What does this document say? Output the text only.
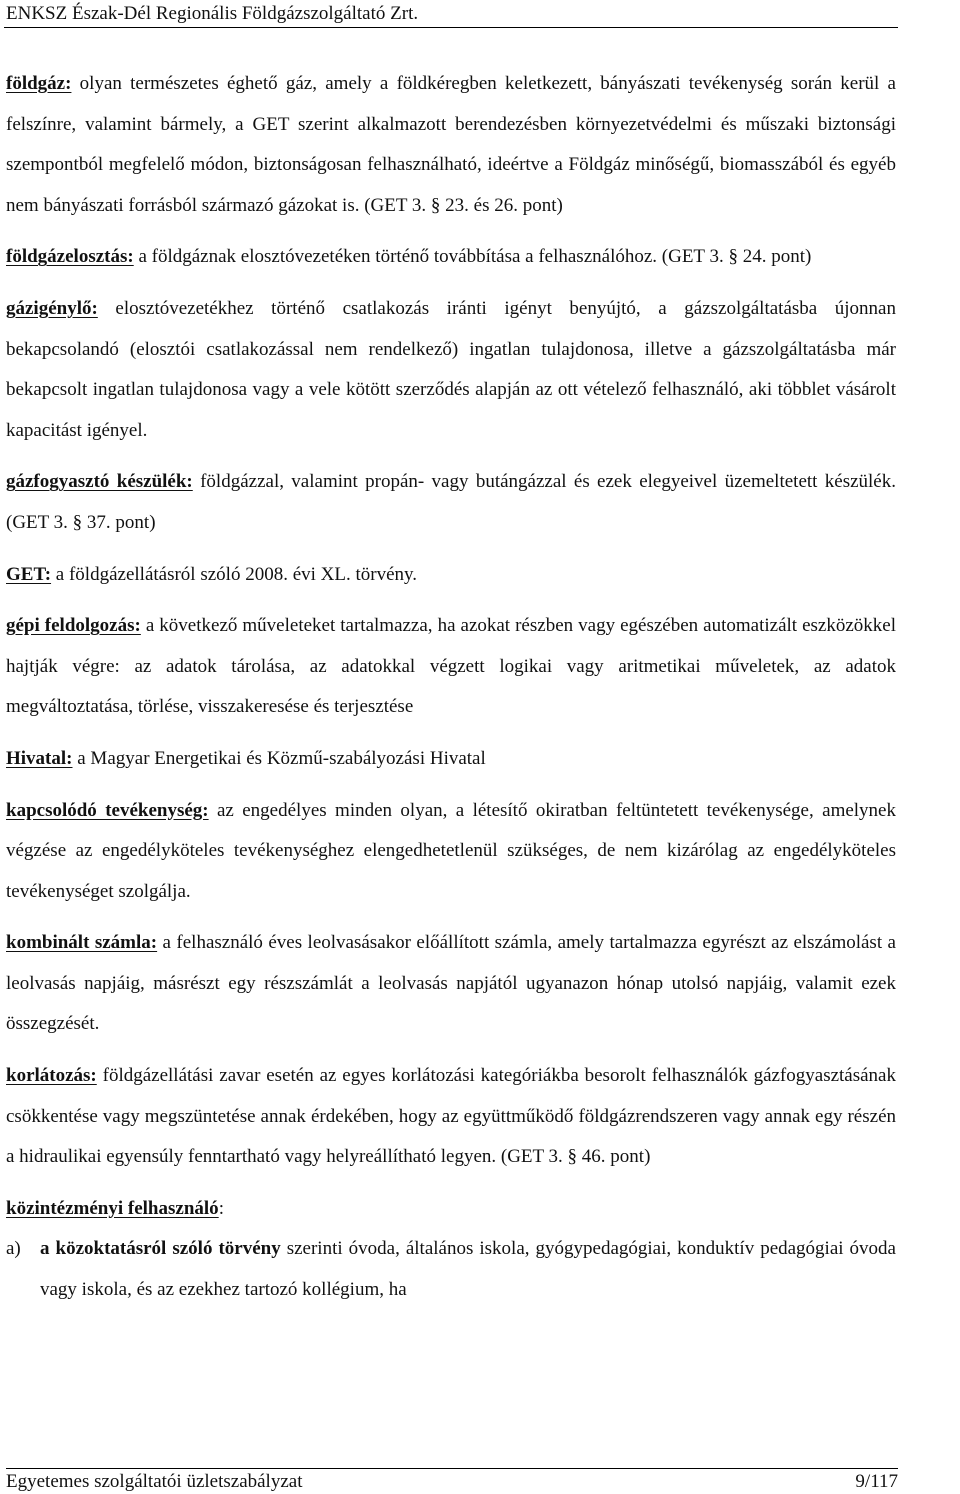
ENKSZ Észak-Dél Regionális Földgázszolgáltató Zrt.

földgáz: olyan természetes éghető gáz, amely a földkéregben keletkezett, bányászati tevékenység során kerül a felszínre, valamint bármely, a GET szerint alkalmazott berendezésben környezetvédelmi és műszaki biztonsági szempontból megfelelő módon, biztonságosan felhasználható, ideértve a Földgáz minőségű, biomasszából és egyéb nem bányászati forrásból származó gázokat is. (GET 3. § 23. és 26. pont)

földgázelosztás: a földgáznak elosztóvezetéken történő továbbítása a felhasználóhoz. (GET 3. § 24. pont)

gázigénylő: elosztóvezetékhez történő csatlakozás iránti igényt benyújtó, a gázszolgáltatásba újonnan bekapcsolandó (elosztói csatlakozással nem rendelkező) ingatlan tulajdonosa, illetve a gázszolgáltatásba már bekapcsolt ingatlan tulajdonosa vagy a vele kötött szerződés alapján az ott vételező felhasználó, aki többlet vásárolt kapacitást igényel.

gázfogyasztó készülék: földgázzal, valamint propán- vagy butángázzal és ezek elegyeivel üzemeltetett készülék. (GET 3. § 37. pont)

GET: a földgázellátásról szóló 2008. évi XL. törvény.

gépi feldolgozás: a következő műveleteket tartalmazza, ha azokat részben vagy egészében automatizált eszközökkel hajtják végre: az adatok tárolása, az adatokkal végzett logikai vagy aritmetikai műveletek, az adatok megváltoztatása, törlése, visszakeresése és terjesztése

Hivatal: a Magyar Energetikai és Közmű-szabályozási Hivatal

kapcsolódó tevékenység: az engedélyes minden olyan, a létesítő okiratban feltüntetett tevékenysége, amelynek végzése az engedélyköteles tevékenységhez elengedhetetlenül szükséges, de nem kizárólag az engedélyköteles tevékenységet szolgálja.

kombinált számla: a felhasználó éves leolvasásakor előállított számla, amely tartalmazza egyrészt az elszámolást a leolvasás napjáig, másrészt egy részszámlát a leolvasás napjától ugyanazon hónap utolsó napjáig, valamit ezek összegzését.

korlátozás: földgázellátási zavar esetén az egyes korlátozási kategóriákba besorolt felhasználók gázfogyasztásának csökkentése vagy megszüntetése annak érdekében, hogy az együttműködő földgázrendszeren vagy annak egy részén a hidraulikai egyensúly fenntartható vagy helyreállítható legyen. (GET 3. § 46. pont)

közintézményi felhasználó:

a) a közoktatásról szóló törvény szerinti óvoda, általános iskola, gyógypedagógiai, konduktív pedagógiai óvoda vagy iskola, és az ezekhez tartozó kollégium, ha

Egyetemes szolgáltatói üzletszabályzat	9/117
